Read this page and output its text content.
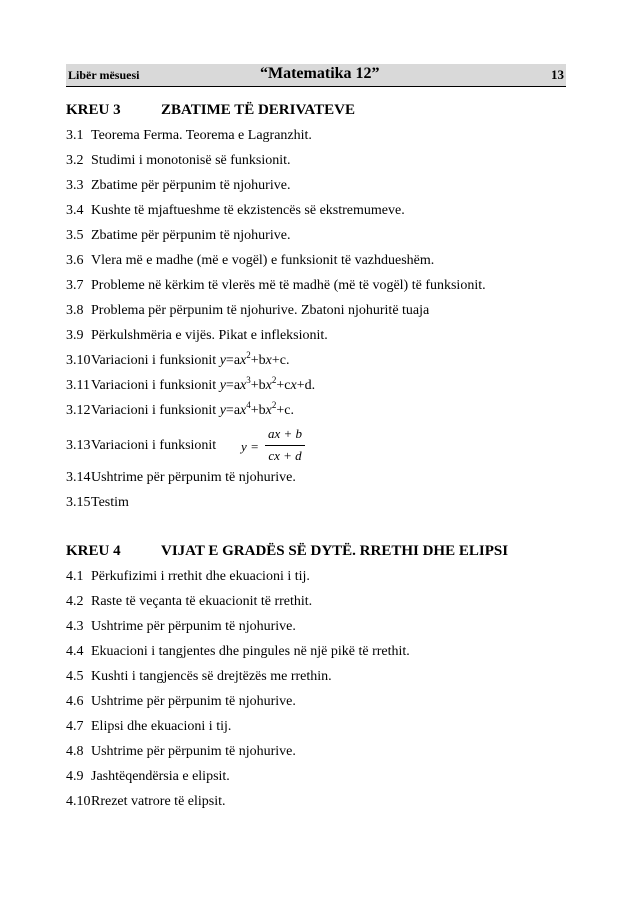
Libër mësuesi	“Matematika 12”	13
KREU 3	ZBATIME TË DERIVATEVE
3.1 Teorema Ferma. Teorema e Lagranzhit.
3.2 Studimi i monotonisë së funksionit.
3.3 Zbatime për përpunim të njohurive.
3.4 Kushte të mjaftueshme të ekzistencës së ekstremumeve.
3.5 Zbatime për përpunim të njohurive.
3.6 Vlera më e madhe (më e vogël) e funksionit të vazhdueshëm.
3.7 Probleme në kërkim të vlerës më të madhë (më të vogël) të funksionit.
3.8 Problema për përpunim të njohurive. Zbatoni njohuritë tuaja
3.9 Përkulshmëria e vijës. Pikat e infleksionit.
3.10 Variacioni i funksionit $y=ax^2+bx+c$.
3.11 Variacioni i funksionit $y=ax^3+bx^2+cx+d$.
3.12 Variacioni i funksionit $y=ax^4+bx^2+c$.
3.13 Variacioni i funksionit y =
ax + b
cx + d
3.14 Ushtrime për përpunim të njohurive.
3.15 Testim
KREU 4	VIJAT E GRADËS SË DYTË. RRETHI DHE ELIPSI
4.1 Përkufizimi i rrethit dhe ekuacioni i tij.
4.2 Raste të veçanta të ekuacionit të rrethit.
4.3 Ushtrime për përpunim të njohurive.
4.4 Ekuacioni i tangjentes dhe pingules në një pikë të rrethit.
4.5 Kushti i tangjencës së drejtëzës me rrethin.
4.6 Ushtrime për përpunim të njohurive.
4.7 Elipsi dhe ekuacioni i tij.
4.8 Ushtrime për përpunim të njohurive.
4.9 Jashtëqendërsia e elipsit.
4.10 Rrezet vatrore të elipsit.
